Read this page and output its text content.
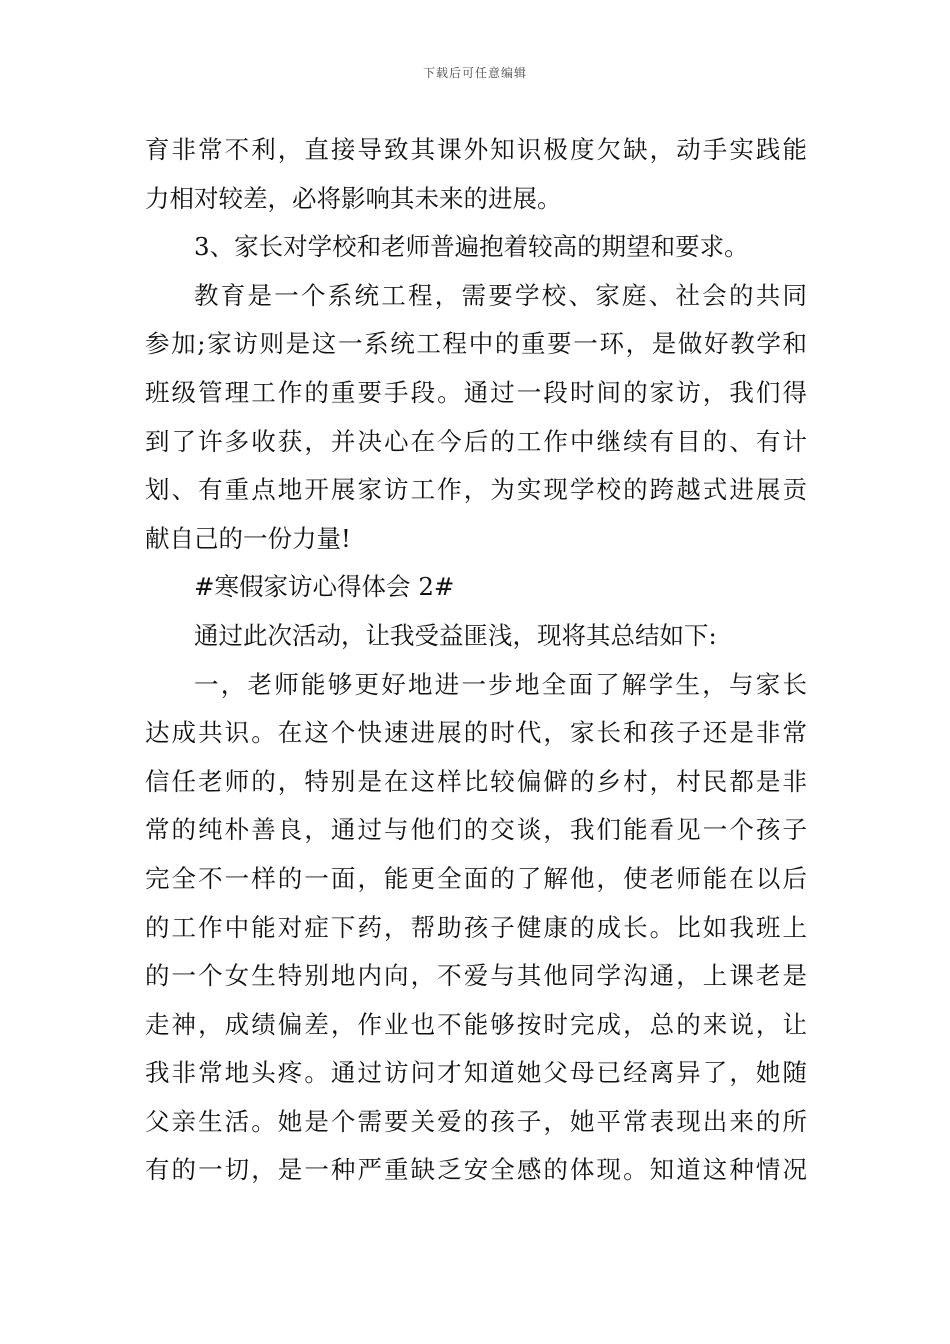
下载后可任意编辑
育非常不利，直接导致其课外知识极度欠缺，动手实践能
力相对较差，必将影响其未来的进展。
3、家长对学校和老师普遍抱着较高的期望和要求。
教育是一个系统工程，需要学校、家庭、社会的共同
参加;家访则是这一系统工程中的重要一环，是做好教学和
班级管理工作的重要手段。通过一段时间的家访，我们得
到了许多收获，并决心在今后的工作中继续有目的、有计
划、有重点地开展家访工作，为实现学校的跨越式进展贡
献自己的一份力量!
#寒假家访心得体会 2#
通过此次活动，让我受益匪浅，现将其总结如下:
一，老师能够更好地进一步地全面了解学生，与家长
达成共识。在这个快速进展的时代，家长和孩子还是非常
信任老师的，特别是在这样比较偏僻的乡村，村民都是非
常的纯朴善良，通过与他们的交谈，我们能看见一个孩子
完全不一样的一面，能更全面的了解他，使老师能在以后
的工作中能对症下药，帮助孩子健康的成长。比如我班上
的一个女生特别地内向，不爱与其他同学沟通，上课老是
走神，成绩偏差，作业也不能够按时完成，总的来说，让
我非常地头疼。通过访问才知道她父母已经离异了，她随
父亲生活。她是个需要关爱的孩子，她平常表现出来的所
有的一切，是一种严重缺乏安全感的体现。知道这种情况
